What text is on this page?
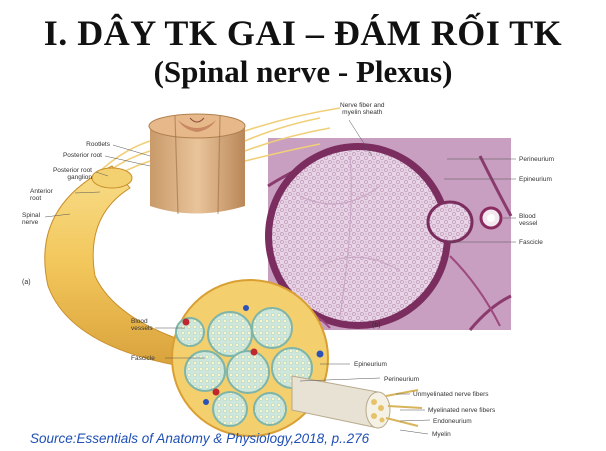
I. DÂY TK GAI – ĐÁM RỐI TK
(Spinal nerve - Plexus)
Rootlets
Posterior root
Posterior root
ganglion
Anterior
root
Spinal
nerve
(a)
Blood
vessels
Fascicle
Epineurium
Perineurium
Unmyelinated nerve fibers
Myelinated nerve fibers
Endoneurium
Myelin
Nerve fiber and
myelin sheath
Perineurium
Epineurium
Blood
vessel
Fascicle
(b)
Source:Essentials of Anatomy & Physiology,2018, p..276
